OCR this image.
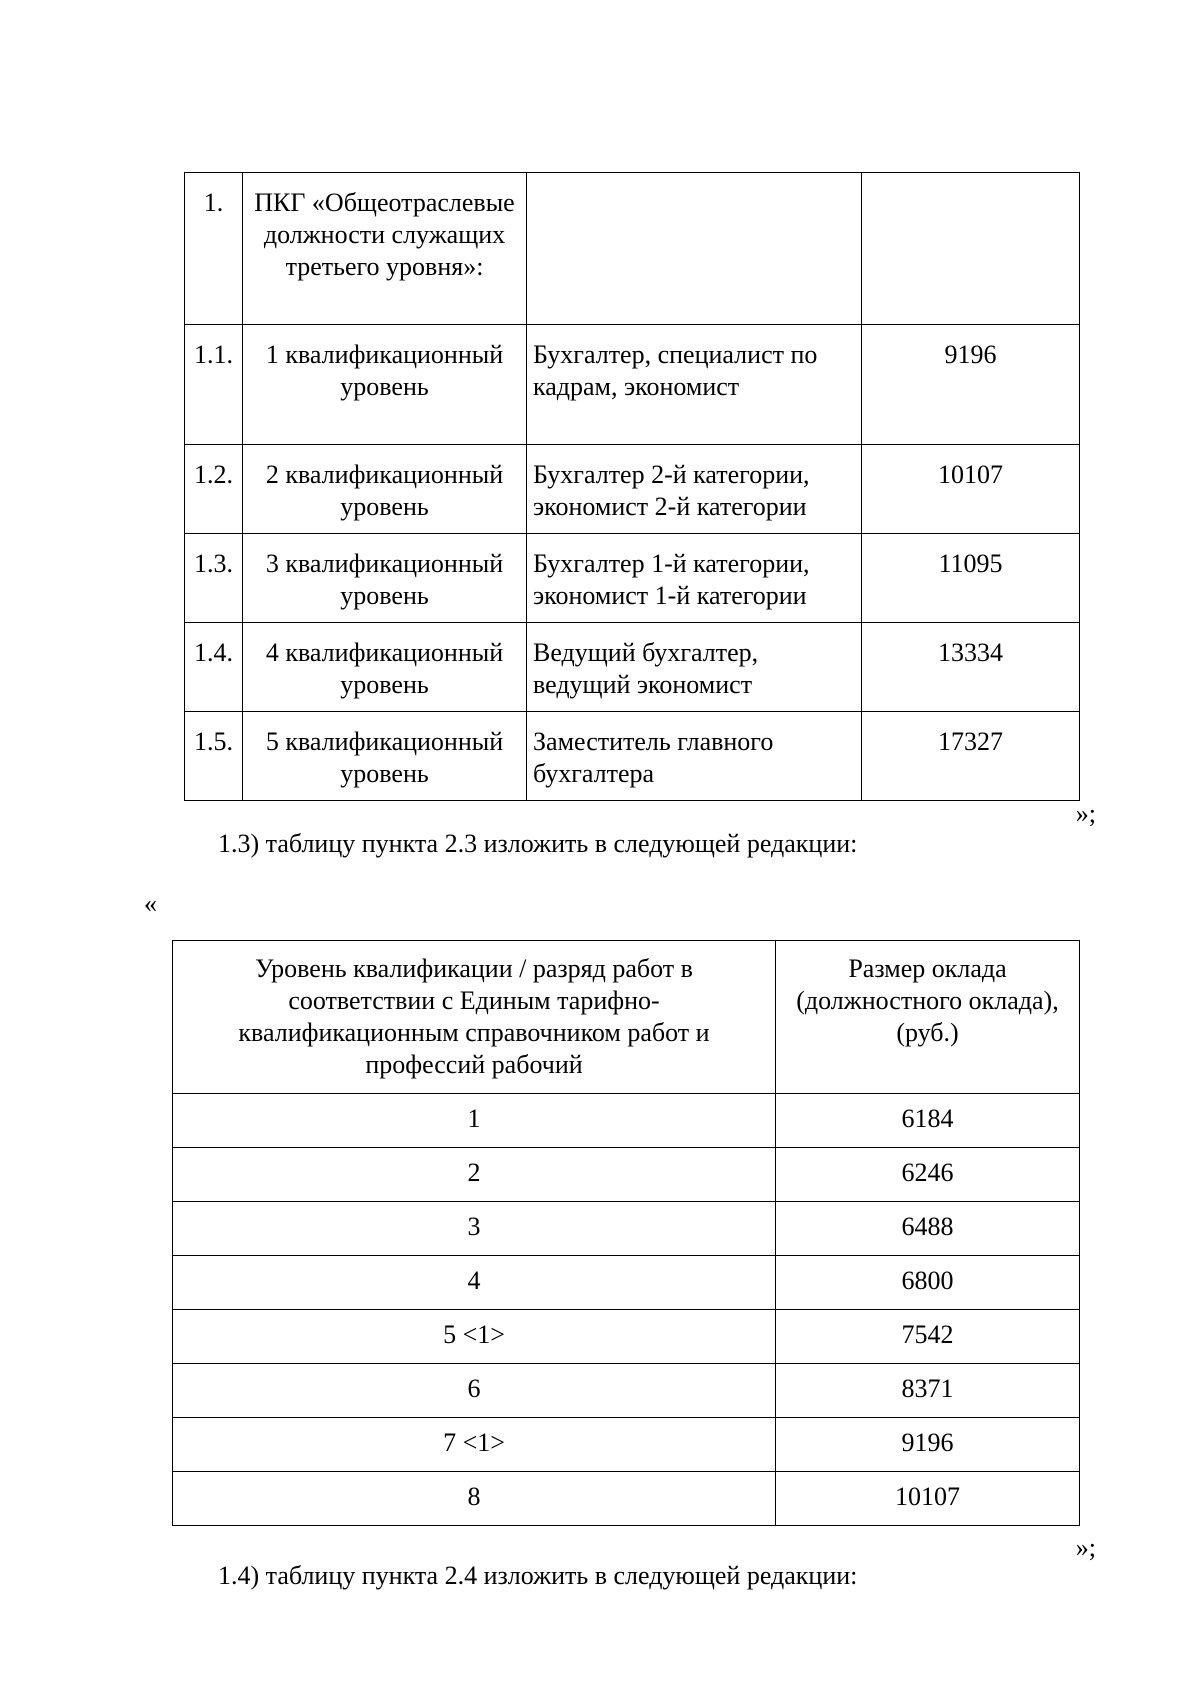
1.	ПКГ «Общеотраслевые должности служащих третьего уровня»:		
1.1.	1 квалификационный уровень	Бухгалтер, специалист по кадрам, экономист	9196
1.2.	2 квалификационный уровень	Бухгалтер 2-й категории, экономист 2-й категории	10107
1.3.	3 квалификационный уровень	Бухгалтер 1-й категории, экономист 1-й категории	11095
1.4.	4 квалификационный уровень	Ведущий бухгалтер, ведущий экономист	13334
1.5.	5 квалификационный уровень	Заместитель главного бухгалтера	17327
»;
1.3) таблицу пункта 2.3 изложить в следующей редакции:
«
Уровень квалификации / разряд работ в соответствии с Единым тарифно-квалификационным справочником работ и профессий рабочий	Размер оклада (должностного оклада), (руб.)
1	6184
2	6246
3	6488
4	6800
5 <1>	7542
6	8371
7 <1>	9196
8	10107
»;
1.4) таблицу пункта 2.4 изложить в следующей редакции:
